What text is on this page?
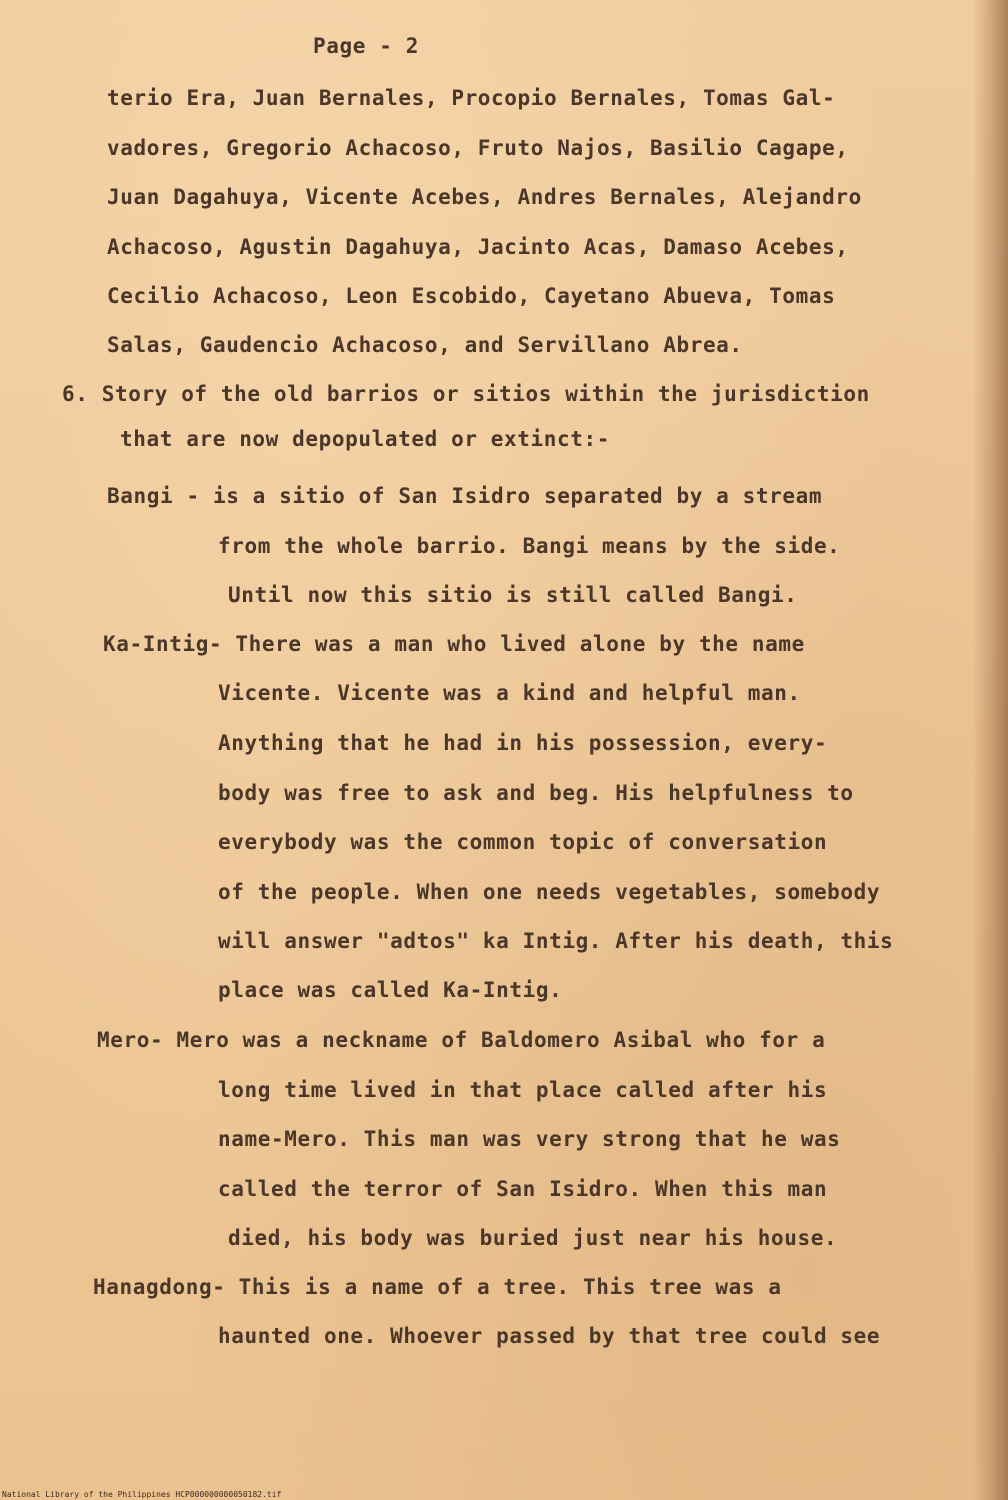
Page - 2
terio Era, Juan Bernales, Procopio Bernales, Tomas Gal-
vadores, Gregorio Achacoso, Fruto Najos, Basilio Cagape,
Juan Dagahuya, Vicente Acebes, Andres Bernales, Alejandro
Achacoso, Agustin Dagahuya, Jacinto Acas, Damaso Acebes,
Cecilio Achacoso, Leon Escobido, Cayetano Abueva, Tomas
Salas, Gaudencio Achacoso, and Servillano Abrea.
6. Story of the old barrios or sitios within the jurisdiction
that are now depopulated or extinct:-
Bangi - is a sitio of San Isidro separated by a stream
from the whole barrio. Bangi means by the side.
Until now this sitio is still called Bangi.
Ka-Intig- There was a man who lived alone by the name
Vicente. Vicente was a kind and helpful man.
Anything that he had in his possession, every-
body was free to ask and beg. His helpfulness to
everybody was the common topic of conversation
of the people. When one needs vegetables, somebody
will answer "adtos" ka Intig. After his death, this
place was called Ka-Intig.
Mero- Mero was a neckname of Baldomero Asibal who for a
long time lived in that place called after his
name-Mero. This man was very strong that he was
called the terror of San Isidro. When this man
died, his body was buried just near his house.
Hanagdong- This is a name of a tree. This tree was a
haunted one. Whoever passed by that tree could see
National Library of the Philippines HCP000000000050182.tif
